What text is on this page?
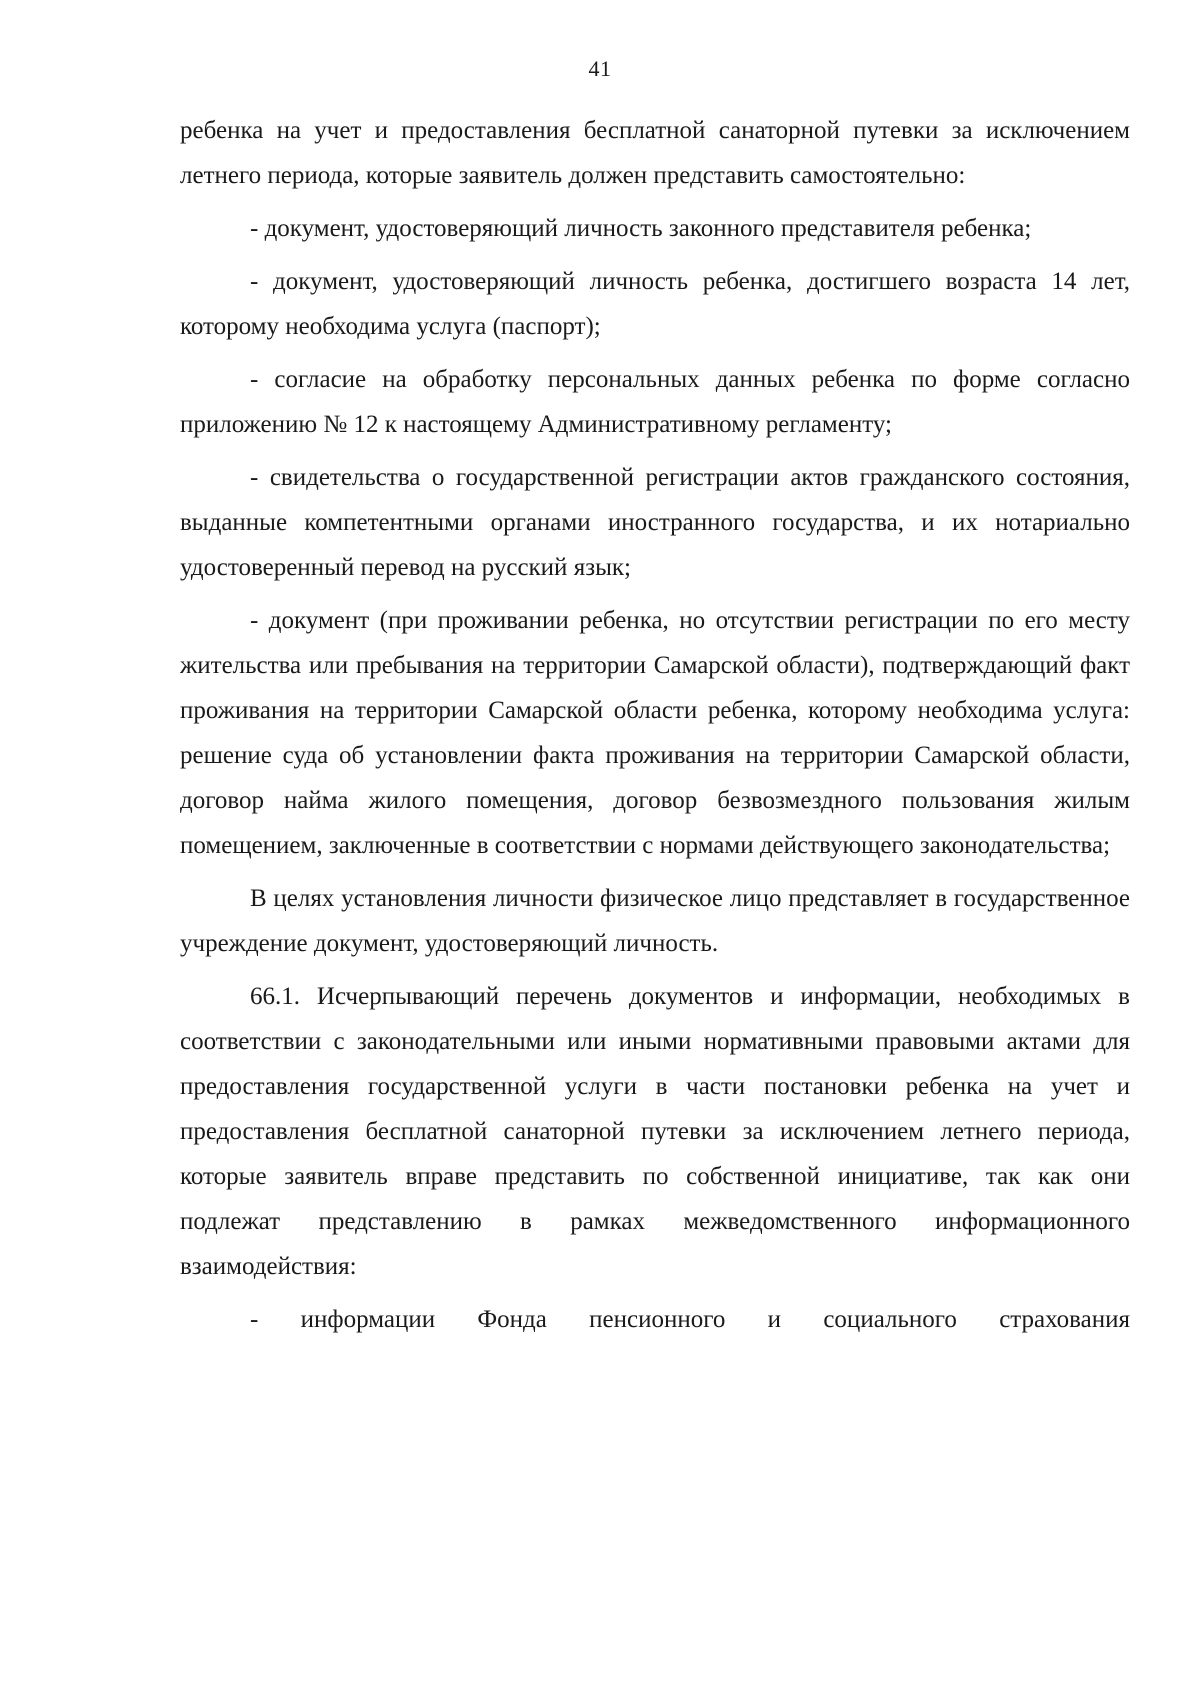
41

ребенка на учет и предоставления бесплатной санаторной путевки за исключением летнего периода, которые заявитель должен представить самостоятельно:

- документ, удостоверяющий личность законного представителя ребенка;

- документ, удостоверяющий личность ребенка, достигшего возраста 14 лет, которому необходима услуга (паспорт);

- согласие на обработку персональных данных ребенка по форме согласно приложению № 12 к настоящему Административному регламенту;

- свидетельства о государственной регистрации актов гражданского состояния, выданные компетентными органами иностранного государства, и их нотариально удостоверенный перевод на русский язык;

- документ (при проживании ребенка, но отсутствии регистрации по его месту жительства или пребывания на территории Самарской области), подтверждающий факт проживания на территории Самарской области ребенка, которому необходима услуга: решение суда об установлении факта проживания на территории Самарской области, договор найма жилого помещения, договор безвозмездного пользования жилым помещением, заключенные в соответствии с нормами действующего законодательства;

В целях установления личности физическое лицо представляет в государственное учреждение документ, удостоверяющий личность.

66.1. Исчерпывающий перечень документов и информации, необходимых в соответствии с законодательными или иными нормативными правовыми актами для предоставления государственной услуги в части постановки ребенка на учет и предоставления бесплатной санаторной путевки за исключением летнего периода, которые заявитель вправе представить по собственной инициативе, так как они подлежат представлению в рамках межведомственного информационного взаимодействия:

- информации Фонда пенсионного и социального страхования
